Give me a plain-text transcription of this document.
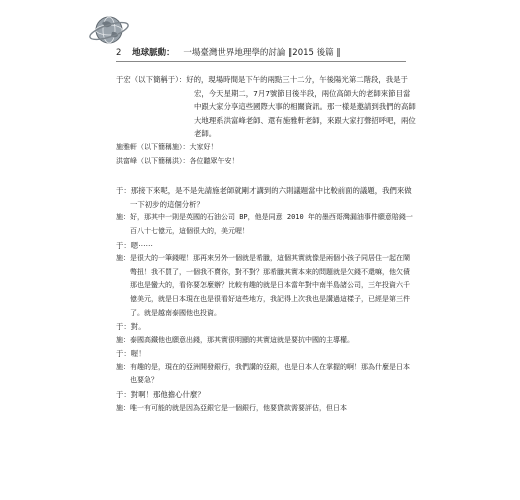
2 地球脈動： 一場臺灣世界地理學的討論 ‖2015 後篇 ‖

于宏（以下簡稱于）：好的，現場時間是下午的兩點三十二分，午後陽光第二階段，我是于宏，今天星期二，7月7號節目後半段，兩位高師大的老師來節目當中跟大家分享這些國際大事的相關資訊。那一樣是邀請到我們的高師大地理系洪富峰老師、還有施雅軒老師，來跟大家打聲招呼吧，兩位老師。

施雅軒（以下簡稱施）：大家好！

洪富峰（以下簡稱洪）：各位聽眾午安！

于：那接下來呢，是不是先請施老師就剛才講到的六則議題當中比較前面的議題，我們來做一下初步的這個分析？

施：好，那其中一則是英國的石油公司 BP，他是同意 2010 年的墨西哥灣漏油事件願意賠錢一百八十七億元，這個很大的，美元喔！

于：嗯⋯⋯

施：是很大的一筆錢喔！那再來另外一個就是希臘，這個其實就像是兩個小孩子同居住一起在鬧彆扭！我不買了，一個我不賣你，對不對？那希臘其實本來的問題就是欠錢不還嘛，他欠債那也是蠻大的，看你要怎麼辦？比較有趣的就是日本當年對中南半島諸公司，三年投資六千億美元，就是日本現在也是很看好這些地方，我記得上次我也是講過這樣子，已經是第三件了。就是越南泰國他也投資。

于：對。

施：泰國高鐵他也願意出錢，那其實很明顯的其實這就是要抗中國的主導權。

于：喔！

施：有趣的是，現在的亞洲開發銀行，我們講的亞銀，也是日本人在掌握的啊！那為什麼是日本也要急？

于：對啊！那他擔心什麼？

施：唯一有可能的就是因為亞銀它是一個銀行，他要貸款需要評估，但日本
